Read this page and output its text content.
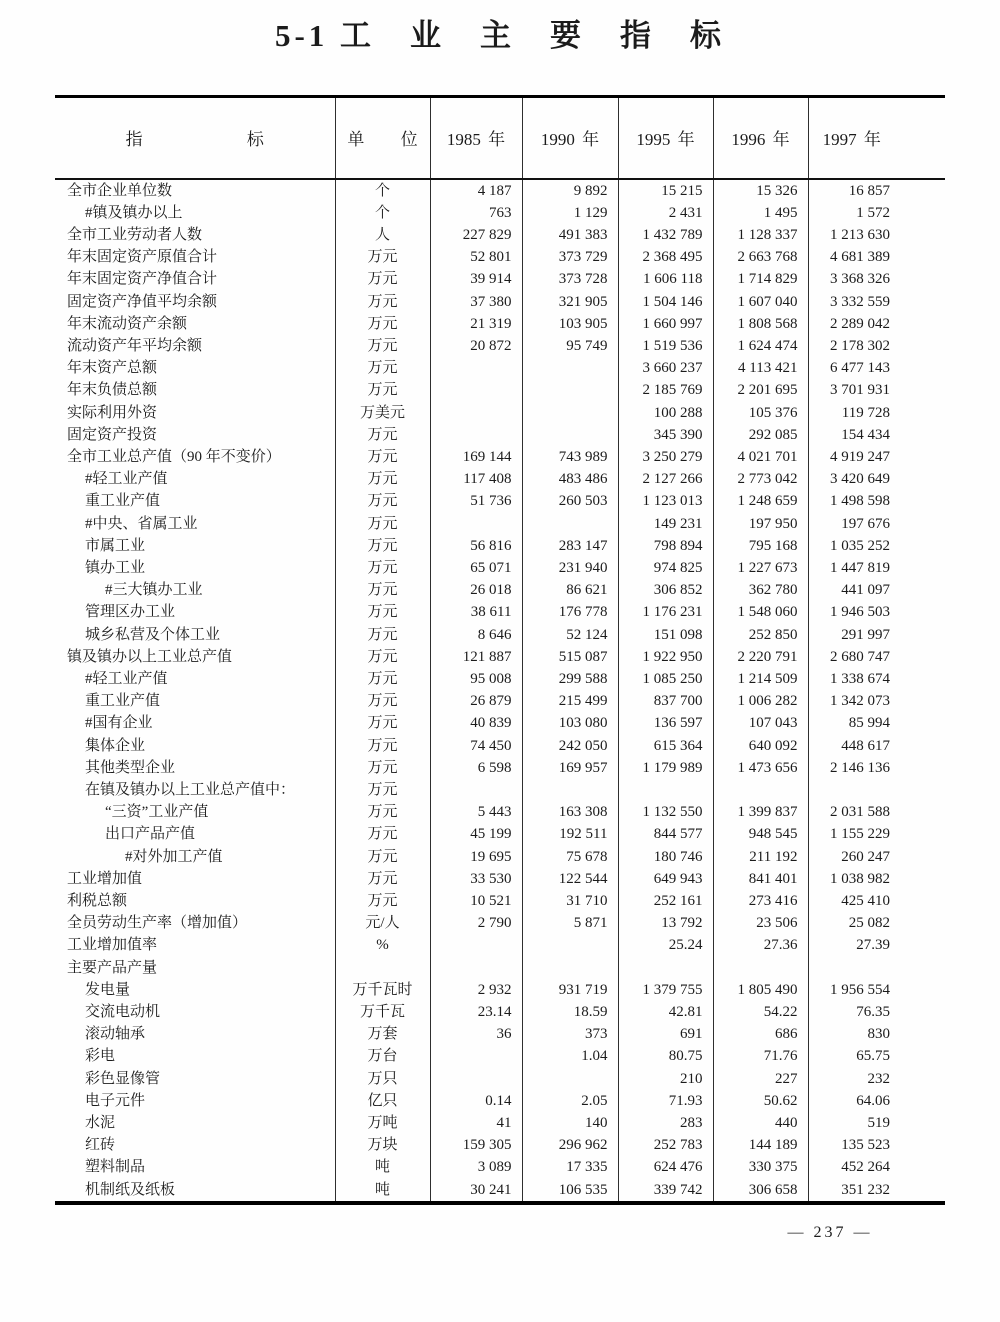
5-1 工　业　主　要　指　标
指 标	单 位	1985 年	1990 年	1995 年	1996 年	1997 年
全市企业单位数	个	4 187	9 892	15 215	15 326	16 857
#镇及镇办以上	个	763	1 129	2 431	1 495	1 572
全市工业劳动者人数	人	227 829	491 383	1 432 789	1 128 337	1 213 630
年末固定资产原值合计	万元	52 801	373 729	2 368 495	2 663 768	4 681 389
年末固定资产净值合计	万元	39 914	373 728	1 606 118	1 714 829	3 368 326
固定资产净值平均余额	万元	37 380	321 905	1 504 146	1 607 040	3 332 559
年末流动资产余额	万元	21 319	103 905	1 660 997	1 808 568	2 289 042
流动资产年平均余额	万元	20 872	95 749	1 519 536	1 624 474	2 178 302
年末资产总额	万元			3 660 237	4 113 421	6 477 143
年末负债总额	万元			2 185 769	2 201 695	3 701 931
实际利用外资	万美元			100 288	105 376	119 728
固定资产投资	万元			345 390	292 085	154 434
全市工业总产值（90 年不变价）	万元	169 144	743 989	3 250 279	4 021 701	4 919 247
#轻工业产值	万元	117 408	483 486	2 127 266	2 773 042	3 420 649
重工业产值	万元	51 736	260 503	1 123 013	1 248 659	1 498 598
#中央、省属工业	万元			149 231	197 950	197 676
市属工业	万元	56 816	283 147	798 894	795 168	1 035 252
镇办工业	万元	65 071	231 940	974 825	1 227 673	1 447 819
#三大镇办工业	万元	26 018	86 621	306 852	362 780	441 097
管理区办工业	万元	38 611	176 778	1 176 231	1 548 060	1 946 503
城乡私营及个体工业	万元	8 646	52 124	151 098	252 850	291 997
镇及镇办以上工业总产值	万元	121 887	515 087	1 922 950	2 220 791	2 680 747
#轻工业产值	万元	95 008	299 588	1 085 250	1 214 509	1 338 674
重工业产值	万元	26 879	215 499	837 700	1 006 282	1 342 073
#国有企业	万元	40 839	103 080	136 597	107 043	85 994
集体企业	万元	74 450	242 050	615 364	640 092	448 617
其他类型企业	万元	6 598	169 957	1 179 989	1 473 656	2 146 136
在镇及镇办以上工业总产值中：	万元					
“三资”工业产值	万元	5 443	163 308	1 132 550	1 399 837	2 031 588
出口产品产值	万元	45 199	192 511	844 577	948 545	1 155 229
#对外加工产值	万元	19 695	75 678	180 746	211 192	260 247
工业增加值	万元	33 530	122 544	649 943	841 401	1 038 982
利税总额	万元	10 521	31 710	252 161	273 416	425 410
全员劳动生产率（增加值）	元/人	2 790	5 871	13 792	23 506	25 082
工业增加值率	%			25.24	27.36	27.39
主要产品产量						
发电量	万千瓦时	2 932	931 719	1 379 755	1 805 490	1 956 554
交流电动机	万千瓦	23.14	18.59	42.81	54.22	76.35
滚动轴承	万套	36	373	691	686	830
彩电	万台		1.04	80.75	71.76	65.75
彩色显像管	万只			210	227	232
电子元件	亿只	0.14	2.05	71.93	50.62	64.06
水泥	万吨	41	140	283	440	519
红砖	万块	159 305	296 962	252 783	144 189	135 523
塑料制品	吨	3 089	17 335	624 476	330 375	452 264
机制纸及纸板	吨	30 241	106 535	339 742	306 658	351 232
— 237 —
